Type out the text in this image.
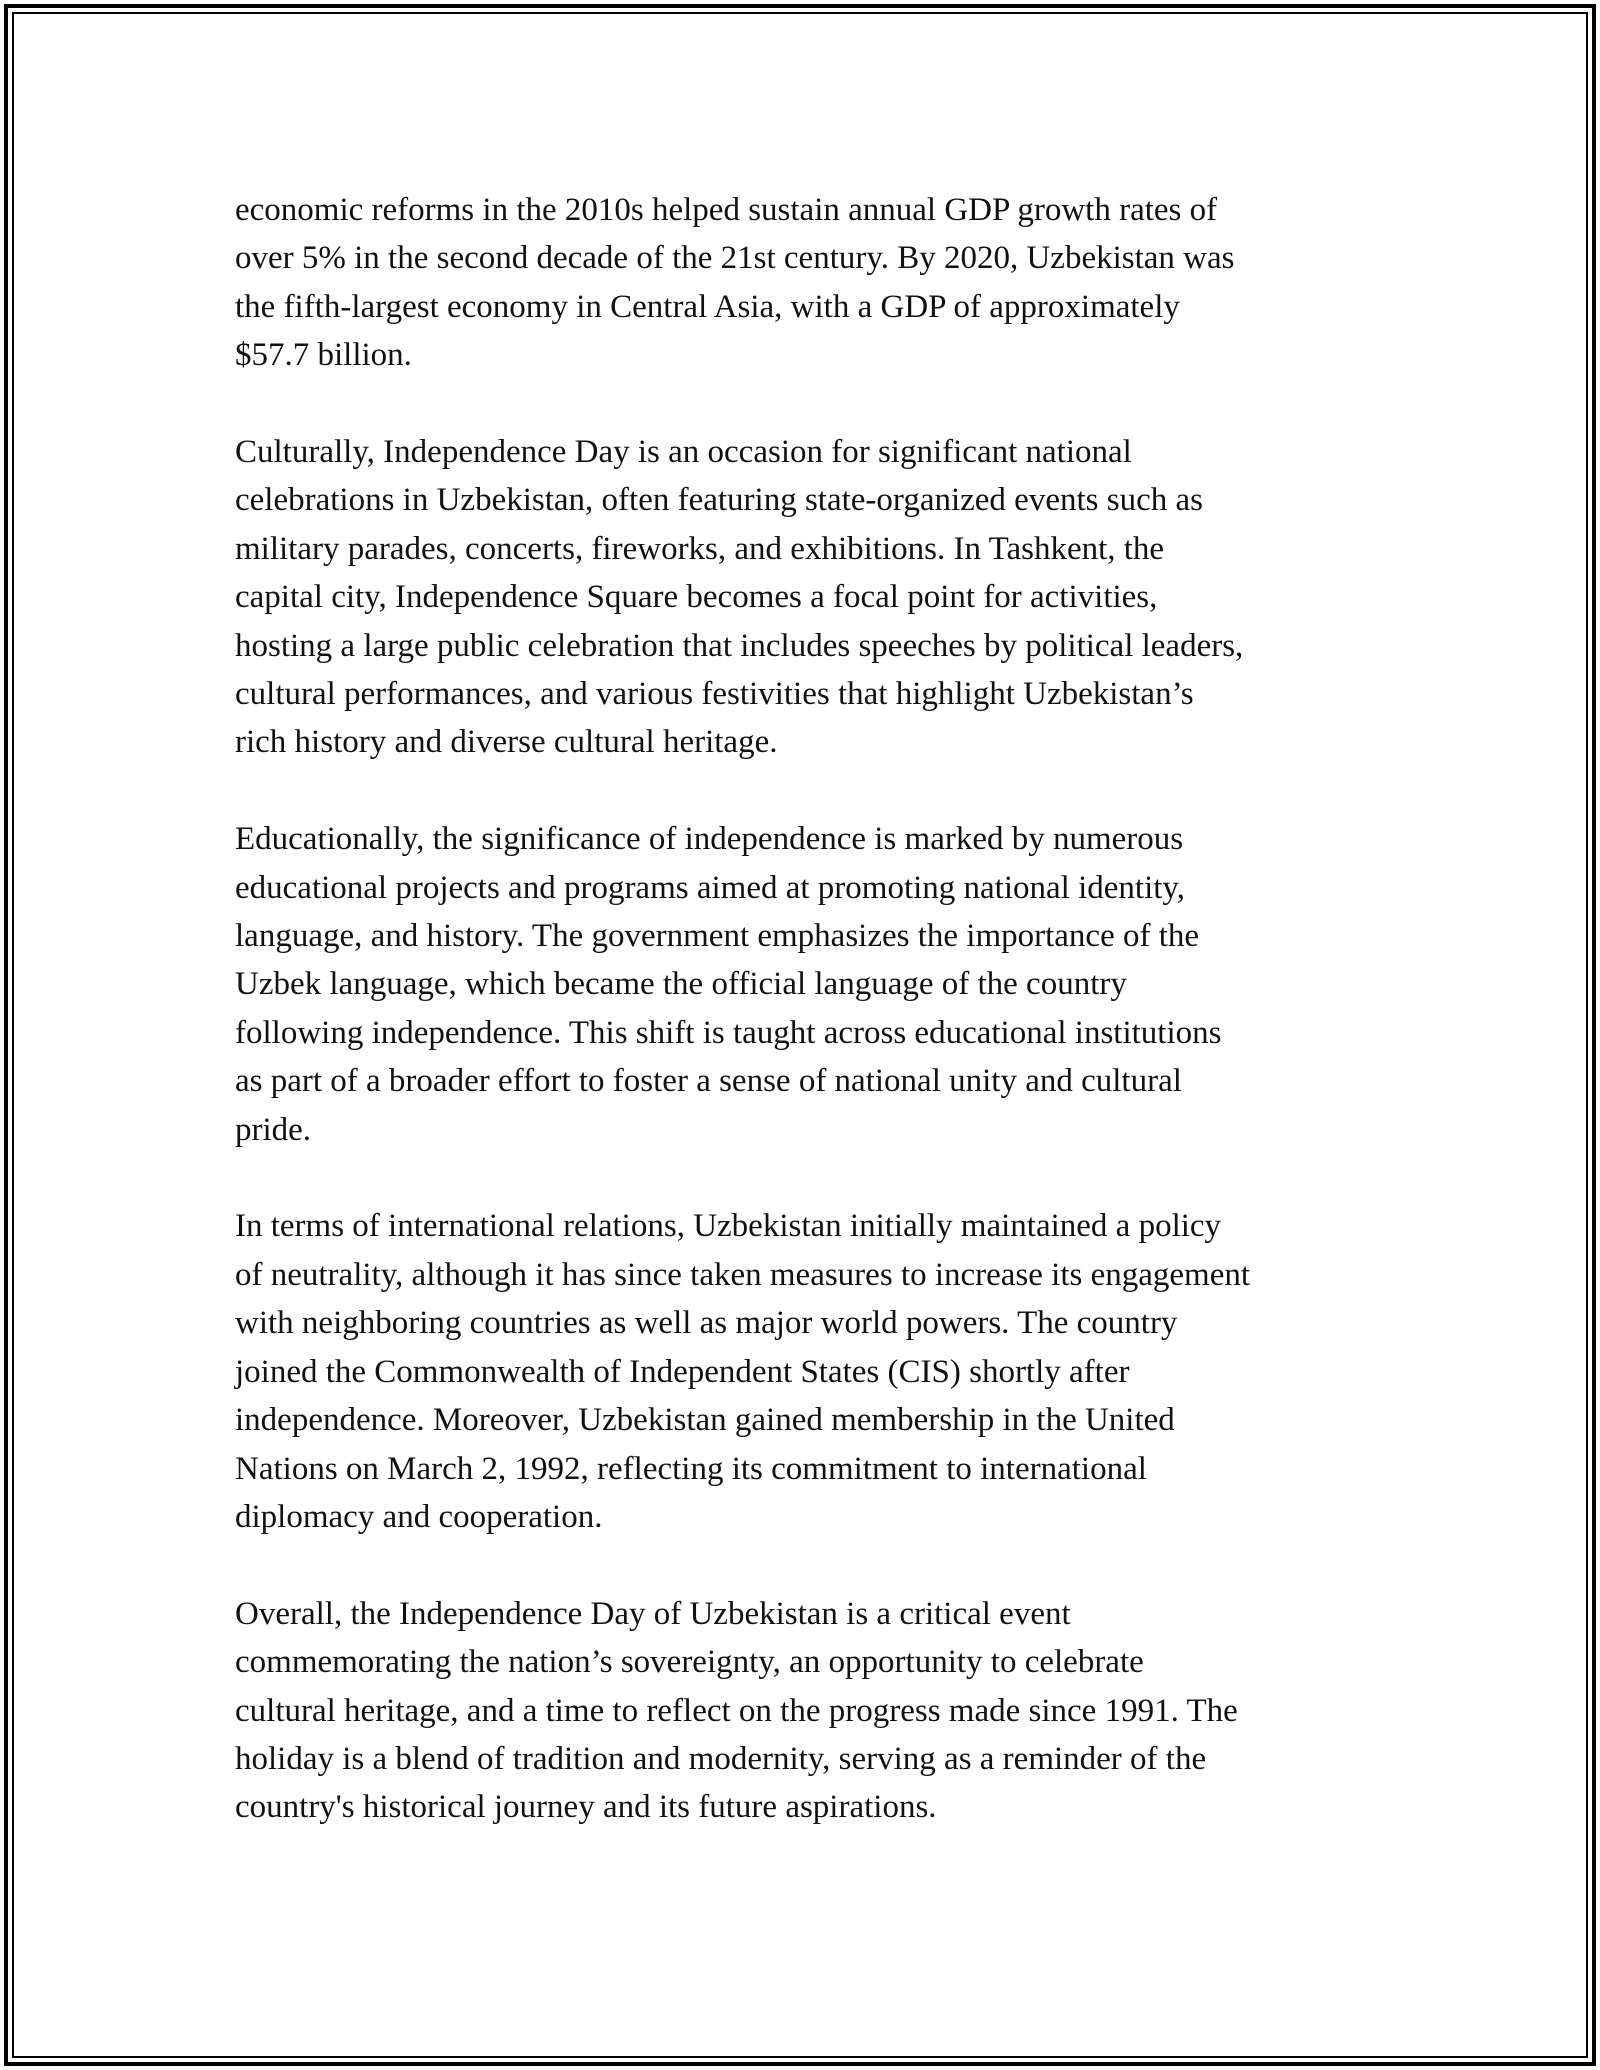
economic reforms in the 2010s helped sustain annual GDP growth rates of
over 5% in the second decade of the 21st century. By 2020, Uzbekistan was
the fifth-largest economy in Central Asia, with a GDP of approximately
$57.7 billion.

Culturally, Independence Day is an occasion for significant national
celebrations in Uzbekistan, often featuring state-organized events such as
military parades, concerts, fireworks, and exhibitions. In Tashkent, the
capital city, Independence Square becomes a focal point for activities,
hosting a large public celebration that includes speeches by political leaders,
cultural performances, and various festivities that highlight Uzbekistan’s
rich history and diverse cultural heritage.

Educationally, the significance of independence is marked by numerous
educational projects and programs aimed at promoting national identity,
language, and history. The government emphasizes the importance of the
Uzbek language, which became the official language of the country
following independence. This shift is taught across educational institutions
as part of a broader effort to foster a sense of national unity and cultural
pride.

In terms of international relations, Uzbekistan initially maintained a policy
of neutrality, although it has since taken measures to increase its engagement
with neighboring countries as well as major world powers. The country
joined the Commonwealth of Independent States (CIS) shortly after
independence. Moreover, Uzbekistan gained membership in the United
Nations on March 2, 1992, reflecting its commitment to international
diplomacy and cooperation.

Overall, the Independence Day of Uzbekistan is a critical event
commemorating the nation’s sovereignty, an opportunity to celebrate
cultural heritage, and a time to reflect on the progress made since 1991. The
holiday is a blend of tradition and modernity, serving as a reminder of the
country's historical journey and its future aspirations.
